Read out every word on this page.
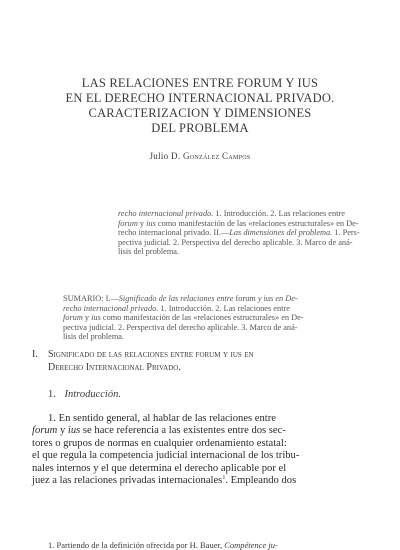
LAS RELACIONES ENTRE FORUM Y IUS
EN EL DERECHO INTERNACIONAL PRIVADO.
CARACTERIZACION Y DIMENSIONES
DEL PROBLEMA
Julio D. González Campos
recho internacional privado. 1. Introducción. 2. Las relaciones entre
forum y ius como manifestación de las «relaciones estructurales» en De-
recho internacional privado. II.—Las dimensiones del problema. 1. Pers-
pectiva judicial. 2. Perspectiva del derecho aplicable. 3. Marco de aná-
lisis del problema.
SUMARIO: I.—Significado de las relaciones entre forum y ius en De-
recho internacional privado. 1. Introducción. 2. Las relaciones entre
forum y ius como manifestación de las «relaciones estructurales» en De-
pectiva judicial. 2. Perspectiva del derecho aplicable. 3. Marco de aná-
lisis del problema.
I. Significado de las relaciones entre forum y ius en
Derecho Internacional Privado.
1. Introducción.
1. En sentido general, al hablar de las relaciones entre
forum y ius se hace referencia a las existentes entre dos sec-
tores o grupos de normas en cualquier ordenamiento estatal:
el que regula la competencia judicial internacional de los tribu-
nales internos y el que determina el derecho aplicable por el
juez a las relaciones privadas internacionales$^1$. Empleando dos
1. Partiendo de la definición ofrecida por H. Bauer, Compétence ju-
